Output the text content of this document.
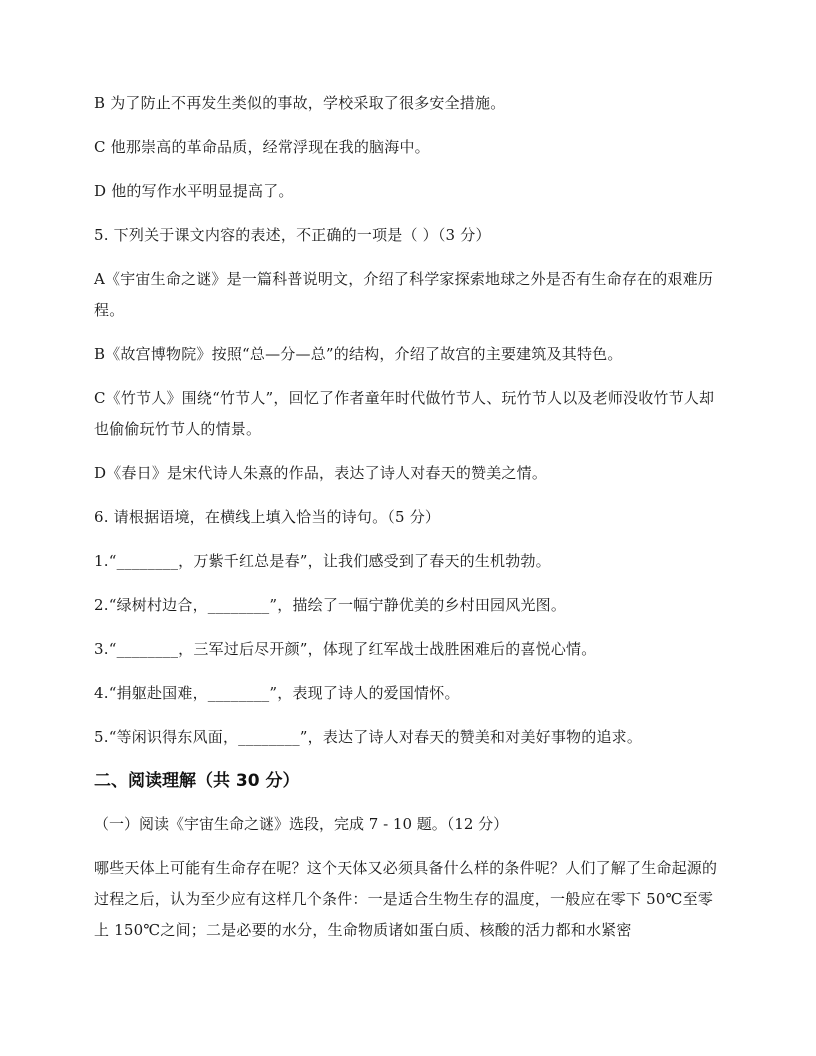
B 为了防止不再发生类似的事故，学校采取了很多安全措施。

C 他那崇高的革命品质，经常浮现在我的脑海中。

D 他的写作水平明显提高了。

5. 下列关于课文内容的表述，不正确的一项是（ ）（3 分）

A《宇宙生命之谜》是一篇科普说明文，介绍了科学家探索地球之外是否有生命存在的艰难历程。

B《故宫博物院》按照“总—分—总”的结构，介绍了故宫的主要建筑及其特色。

C《竹节人》围绕“竹节人”，回忆了作者童年时代做竹节人、玩竹节人以及老师没收竹节人却也偷偷玩竹节人的情景。

D《春日》是宋代诗人朱熹的作品，表达了诗人对春天的赞美之情。

6. 请根据语境，在横线上填入恰当的诗句。（5 分）

1.“________，万紫千红总是春”，让我们感受到了春天的生机勃勃。

2.“绿树村边合，________”，描绘了一幅宁静优美的乡村田园风光图。

3.“________，三军过后尽开颜”，体现了红军战士战胜困难后的喜悦心情。

4.“捐躯赴国难，________”，表现了诗人的爱国情怀。

5.“等闲识得东风面，________”，表达了诗人对春天的赞美和对美好事物的追求。

二、阅读理解（共 30 分）

（一）阅读《宇宙生命之谜》选段，完成 7 - 10 题。（12 分）

哪些天体上可能有生命存在呢？这个天体又必须具备什么样的条件呢？人们了解了生命起源的过程之后，认为至少应有这样几个条件：一是适合生物生存的温度，一般应在零下 50℃至零上 150℃之间；二是必要的水分，生命物质诸如蛋白质、核酸的活力都和水紧密
